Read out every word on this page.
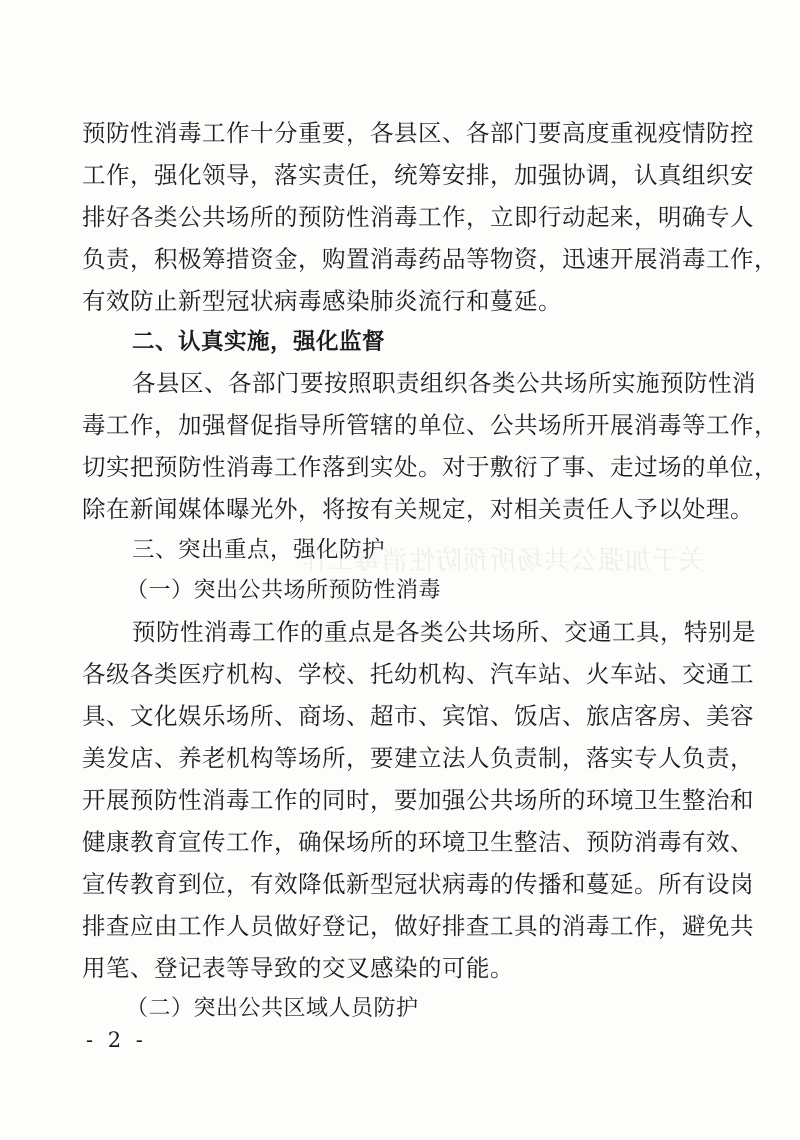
关于加强公共场所预防性消毒工作
预防性消毒工作十分重要，各县区、各部门要高度重视疫情防控
工作，强化领导，落实责任，统筹安排，加强协调，认真组织安
排好各类公共场所的预防性消毒工作，立即行动起来，明确专人
负责，积极筹措资金，购置消毒药品等物资，迅速开展消毒工作，
有效防止新型冠状病毒感染肺炎流行和蔓延。
二、认真实施，强化监督
各县区、各部门要按照职责组织各类公共场所实施预防性消
毒工作，加强督促指导所管辖的单位、公共场所开展消毒等工作，
切实把预防性消毒工作落到实处。对于敷衍了事、走过场的单位，
除在新闻媒体曝光外，将按有关规定，对相关责任人予以处理。
三、突出重点，强化防护
（一）突出公共场所预防性消毒
预防性消毒工作的重点是各类公共场所、交通工具，特别是
各级各类医疗机构、学校、托幼机构、汽车站、火车站、交通工
具、文化娱乐场所、商场、超市、宾馆、饭店、旅店客房、美容
美发店、养老机构等场所，要建立法人负责制，落实专人负责，
开展预防性消毒工作的同时，要加强公共场所的环境卫生整治和
健康教育宣传工作，确保场所的环境卫生整洁、预防消毒有效、
宣传教育到位，有效降低新型冠状病毒的传播和蔓延。所有设岗
排查应由工作人员做好登记，做好排查工具的消毒工作，避免共
用笔、登记表等导致的交叉感染的可能。
（二）突出公共区域人员防护
- 2 -
